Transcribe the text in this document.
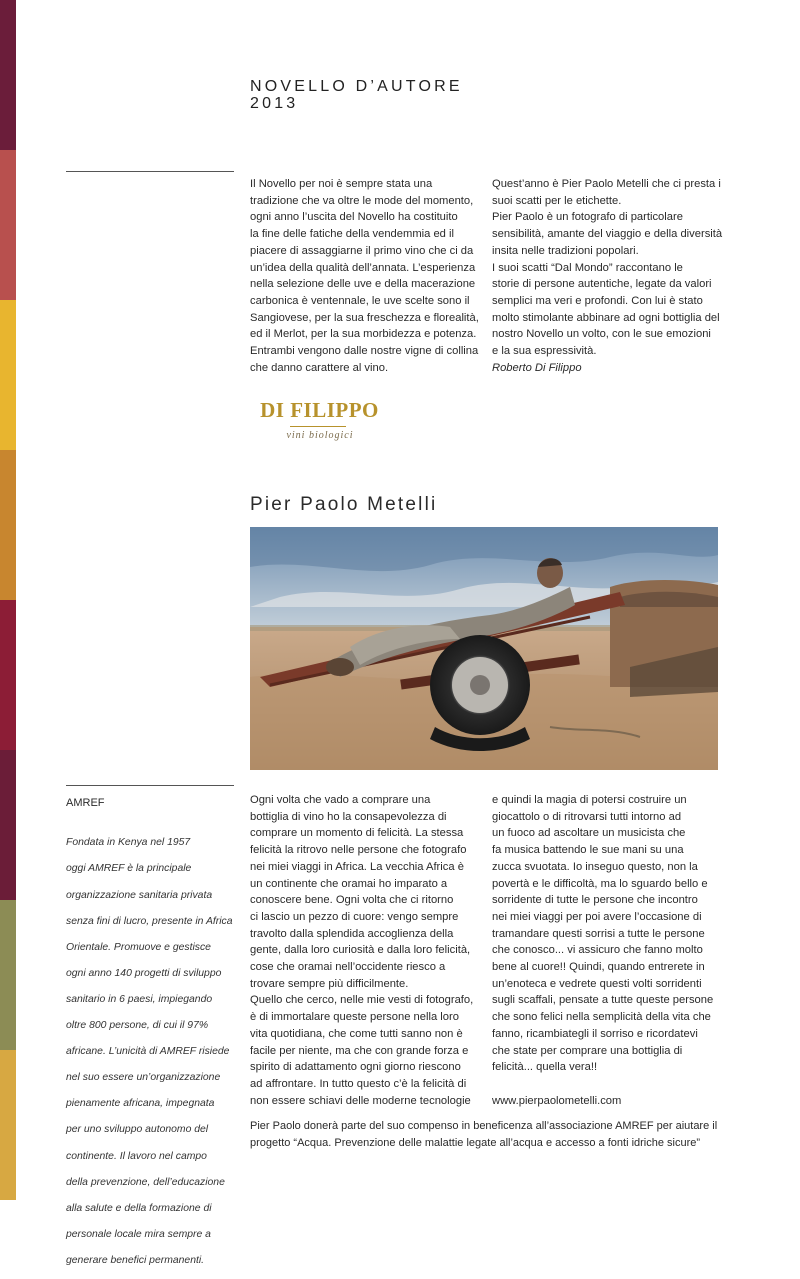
NOVELLO D’AUTORE
2013

Il Novello per noi è sempre stata una

tradizione che va oltre le mode del momento,

ogni anno l’uscita del Novello ha costituito

la fine delle fatiche della vendemmia ed il

piacere di assaggiarne il primo vino che ci da

un’idea della qualità dell’annata. L’esperienza

nella selezione delle uve e della macerazione

carbonica è ventennale, le uve scelte sono il

Sangiovese, per la sua freschezza e florealità,

ed il Merlot, per la sua morbidezza e potenza.

Entrambi vengono dalle nostre vigne di collina

che danno carattere al vino.

Quest’anno è Pier Paolo Metelli che ci presta i

suoi scatti per le etichette.

Pier Paolo è un fotografo di particolare

sensibilità, amante del viaggio e della diversità

insita nelle tradizioni popolari.

I suoi scatti “Dal Mondo” raccontano le

storie di persone autentiche, legate da valori

semplici ma veri e profondi. Con lui è stato

molto stimolante abbinare ad ogni bottiglia del

nostro Novello un volto, con le sue emozioni

e la sua espressività.

Roberto Di Filippo

DI FILIPPO
vini biologici
Pier Paolo Metelli
AMREF

Fondata in Kenya nel 1957

oggi AMREF è la principale

organizzazione sanitaria privata

senza fini di lucro, presente in Africa

Orientale. Promuove e gestisce

ogni anno 140 progetti di sviluppo

sanitario in 6 paesi, impiegando

oltre 800 persone, di cui il 97%

africane. L’unicità di AMREF risiede

nel suo essere un’organizzazione

pienamente africana, impegnata

per uno sviluppo autonomo del

continente. Il lavoro nel campo

della prevenzione, dell’educazione

alla salute e della formazione di

personale locale mira sempre a

generare benefici permanenti.

Ogni volta che vado a comprare una

bottiglia di vino ho la consapevolezza di

comprare un momento di felicità. La stessa

felicità la ritrovo nelle persone che fotografo

nei miei viaggi in Africa. La vecchia Africa è

un continente che oramai ho imparato a

conoscere bene. Ogni volta che ci ritorno

ci lascio un pezzo di cuore: vengo sempre

travolto dalla splendida accoglienza della

gente, dalla loro curiosità e dalla loro felicità,

cose che oramai nell’occidente riesco a

trovare sempre più difficilmente.

Quello che cerco, nelle mie vesti di fotografo,

è di immortalare queste persone nella loro

vita quotidiana, che come tutti sanno non è

facile per niente, ma che con grande forza e

spirito di adattamento ogni giorno riescono

ad affrontare. In tutto questo c’è la felicità di

non essere schiavi delle moderne tecnologie

e quindi la magia di potersi costruire un

giocattolo o di ritrovarsi tutti intorno ad

un fuoco ad ascoltare un musicista che

fa musica battendo le sue mani su una

zucca svuotata. Io inseguo questo, non la

povertà e le difficoltà, ma lo sguardo bello e

sorridente di tutte le persone che incontro

nei miei viaggi per poi avere l’occasione di

tramandare questi sorrisi a tutte le persone

che conosco... vi assicuro che fanno molto

bene al cuore!! Quindi, quando entrerete in

un’enoteca e vedrete questi volti sorridenti

sugli scaffali, pensate a tutte queste persone

che sono felici nella semplicità della vita che

fanno, ricambiategli il sorriso e ricordatevi

che state per comprare una bottiglia di

felicità... quella vera!!

www.pierpaolometelli.com

Pier Paolo donerà parte del suo compenso in beneficenza all’associazione AMREF per aiutare il progetto “Acqua. Prevenzione delle malattie legate all’acqua e accesso a fonti idriche sicure”
